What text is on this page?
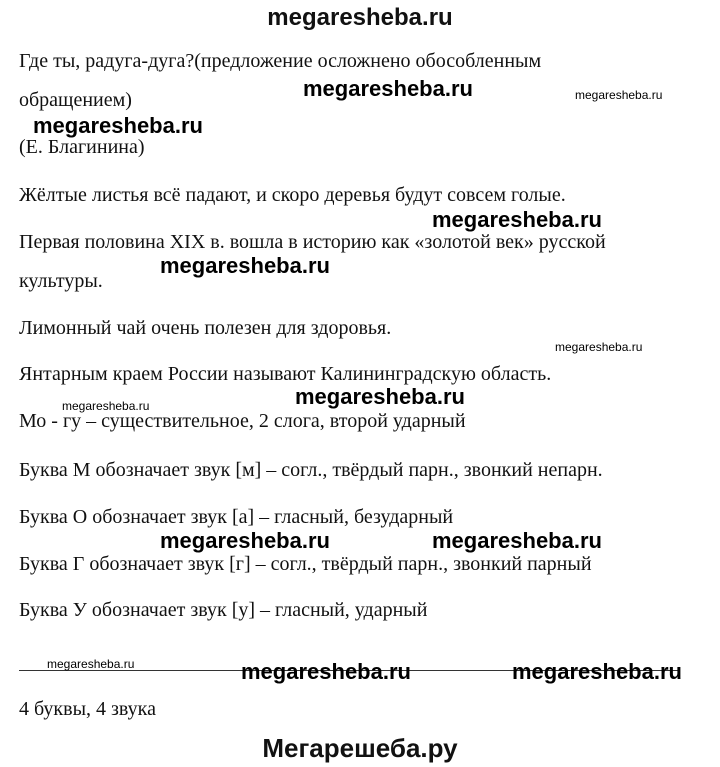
megaresheba.ru
Где ты, радуга-дуга?(предложение осложнено обособленным
обращением)
(Е. Благинина)
Жёлтые листья всё падают, и скоро деревья будут совсем голые.
Первая половина XIX в. вошла в историю как «золотой век» русской
культуры.
Лимонный чай очень полезен для здоровья.
Янтарным краем России называют Калининградскую область.
Мо - гу – существительное, 2 слога, второй ударный
Буква М обозначает звук [м] – согл., твёрдый парн., звонкий непарн.
Буква О обозначает звук [а] – гласный, безударный
Буква Г обозначает звук [г] – согл., твёрдый парн., звонкий парный
Буква У обозначает звук [у] – гласный, ударный
4 буквы, 4 звука
megaresheba.ru	megaresheba.ru
megaresheba.ru
megaresheba.ru
megaresheba.ru
megaresheba.ru
megaresheba.ru	megaresheba.ru
megaresheba.ru	megaresheba.ru
megaresheba.ru	megaresheba.ru	megaresheba.ru
Мегарешеба.ру
